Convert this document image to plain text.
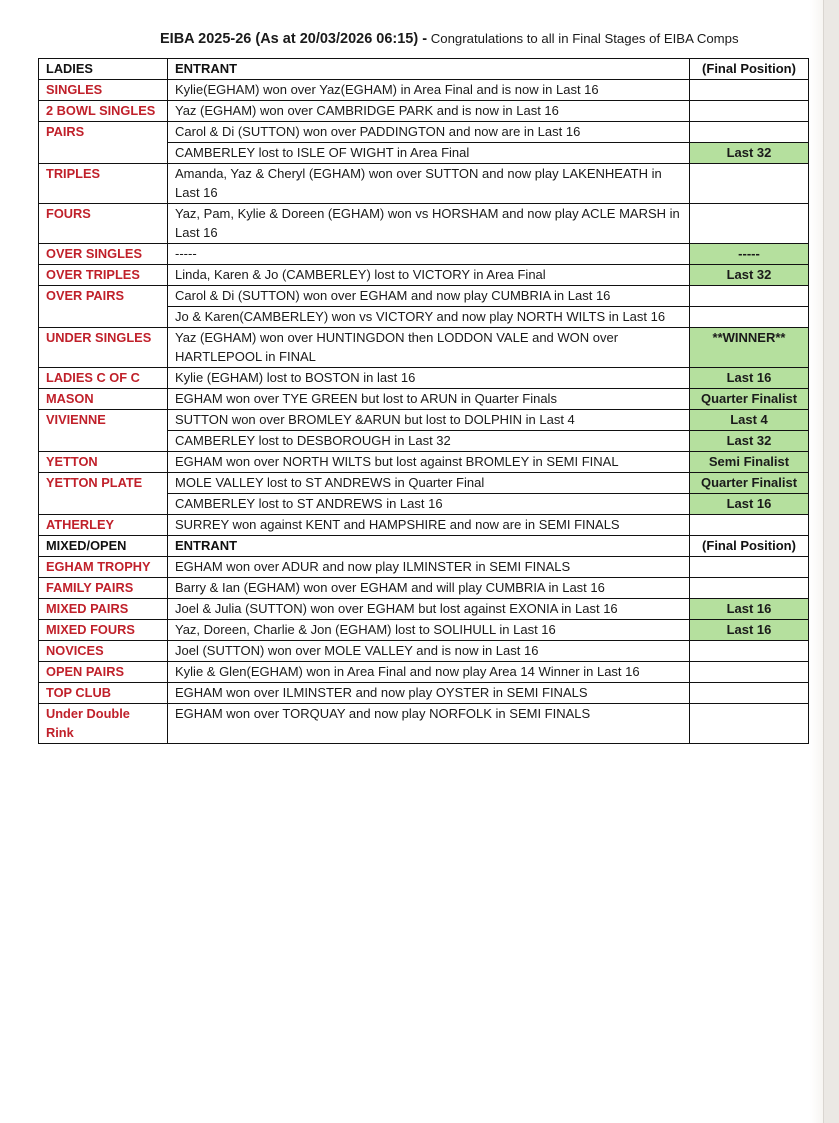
EIBA 2025-26 (As at 20/03/2026 06:15) - Congratulations to all in Final Stages of EIBA Comps
LADIES	ENTRANT	(Final Position)
SINGLES	Kylie(EGHAM) won over Yaz(EGHAM) in Area Final and is now in Last 16	
2 BOWL SINGLES	Yaz (EGHAM) won over CAMBRIDGE PARK and is now in Last 16	
PAIRS	Carol & Di (SUTTON) won over PADDINGTON and now are in Last 16	
	CAMBERLEY lost to ISLE OF WIGHT in Area Final	Last 32
TRIPLES	Amanda, Yaz & Cheryl (EGHAM) won over SUTTON and now play LAKENHEATH in Last 16	
FOURS	Yaz, Pam, Kylie & Doreen (EGHAM) won vs HORSHAM and now play ACLE MARSH in Last 16	
OVER SINGLES	-----	-----
OVER TRIPLES	Linda, Karen & Jo (CAMBERLEY) lost to VICTORY in Area Final	Last 32
OVER PAIRS	Carol & Di (SUTTON) won over EGHAM and now play CUMBRIA in Last 16	
	Jo & Karen(CAMBERLEY) won vs VICTORY and now play NORTH WILTS in Last 16	
UNDER SINGLES	Yaz (EGHAM) won over HUNTINGDON then LODDON VALE and WON over HARTLEPOOL in FINAL	**WINNER**
LADIES C OF C	Kylie (EGHAM) lost to BOSTON in last 16	Last 16
MASON	EGHAM won over TYE GREEN but lost to ARUN in Quarter Finals	Quarter Finalist
VIVIENNE	SUTTON won over BROMLEY &ARUN but lost to DOLPHIN in Last 4	Last 4
	CAMBERLEY lost to DESBOROUGH in Last 32	Last 32
YETTON	EGHAM won over NORTH WILTS but lost against BROMLEY in SEMI FINAL	Semi Finalist
YETTON PLATE	MOLE VALLEY lost to ST ANDREWS in Quarter Final	Quarter Finalist
	CAMBERLEY lost to ST ANDREWS in Last 16	Last 16
ATHERLEY	SURREY won against KENT and HAMPSHIRE and now are in SEMI FINALS	
MIXED/OPEN	ENTRANT	(Final Position)
EGHAM TROPHY	EGHAM won over ADUR and now play ILMINSTER in SEMI FINALS	
FAMILY PAIRS	Barry & Ian (EGHAM) won over EGHAM and will play CUMBRIA in Last 16	
MIXED PAIRS	Joel & Julia (SUTTON) won over EGHAM but lost against EXONIA in Last 16	Last 16
MIXED FOURS	Yaz, Doreen, Charlie & Jon (EGHAM) lost to SOLIHULL in Last 16	Last 16
NOVICES	Joel (SUTTON) won over MOLE VALLEY and is now in Last 16	
OPEN PAIRS	Kylie & Glen(EGHAM) won in Area Final and now play Area 14 Winner in Last 16	
TOP CLUB	EGHAM won over ILMINSTER and now play OYSTER in SEMI FINALS	
Under Double Rink	EGHAM won over TORQUAY and now play NORFOLK in SEMI FINALS	
